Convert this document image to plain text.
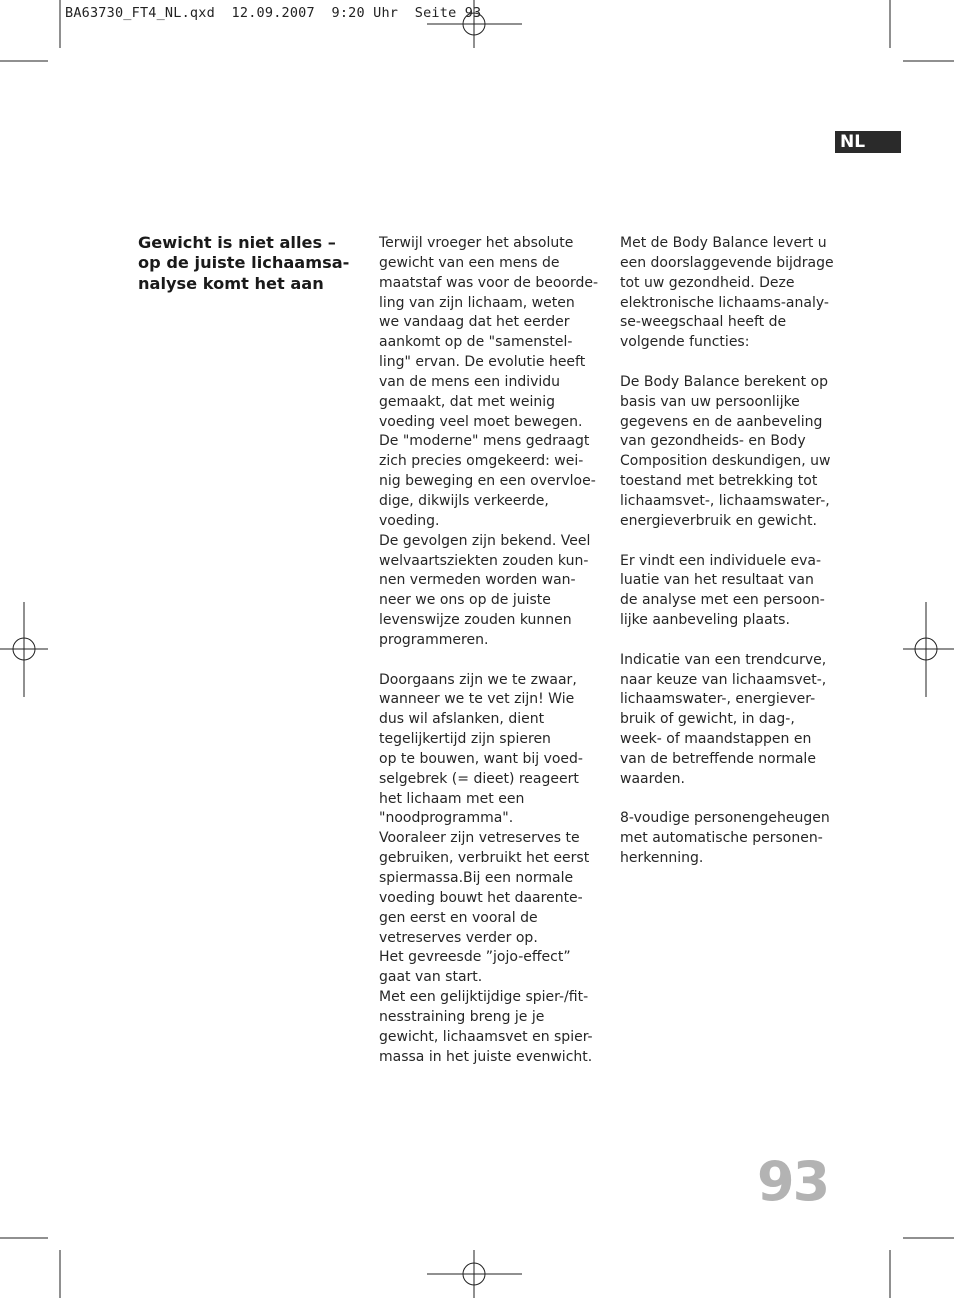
BA63730_FT4_NL.qxd  12.09.2007  9:20 Uhr  Seite 93
NL
Gewicht is niet alles –
op de juiste lichaamsa-
nalyse komt het aan
Terwijl vroeger het absolute
gewicht van een mens de
maatstaf was voor de beoorde-
ling van zijn lichaam, weten
we vandaag dat het eerder
aankomt op de "samenstel-
ling" ervan. De evolutie heeft
van de mens een individu
gemaakt, dat met weinig
voeding veel moet bewegen.
De "moderne" mens gedraagt
zich precies omgekeerd: wei-
nig beweging en een overvloe-
dige, dikwijls verkeerde,
voeding.
De gevolgen zijn bekend. Veel
welvaartsziekten zouden kun-
nen vermeden worden wan-
neer we ons op de juiste
levenswijze zouden kunnen
programmeren.
Doorgaans zijn we te zwaar,
wanneer we te vet zijn! Wie
dus wil afslanken, dient
tegelijkertijd zijn spieren
op te bouwen, want bij voed-
selgebrek (= dieet) reageert
het lichaam met een
"noodprogramma".
Vooraleer zijn vetreserves te
gebruiken, verbruikt het eerst
spiermassa.Bij een normale
voeding bouwt het daarente-
gen eerst en vooral de
vetreserves verder op.
Het gevreesde ”jojo-effect”
gaat van start.
Met een gelijktijdige spier-/fit-
nesstraining breng je je
gewicht, lichaamsvet en spier-
massa in het juiste evenwicht.
Met de Body Balance levert u
een doorslaggevende bijdrage
tot uw gezondheid. Deze
elektronische lichaams-analy-
se-weegschaal heeft de
volgende functies:
De Body Balance berekent op
basis van uw persoonlijke
gegevens en de aanbeveling
van gezondheids- en Body
Composition deskundigen, uw
toestand met betrekking tot
lichaamsvet-, lichaamswater-,
energieverbruik en gewicht.
Er vindt een individuele eva-
luatie van het resultaat van
de analyse met een persoon-
lijke aanbeveling plaats.
Indicatie van een trendcurve,
naar keuze van lichaamsvet-,
lichaamswater-, energiever-
bruik of gewicht, in dag-,
week- of maandstappen en
van de betreffende normale
waarden.
8-voudige personengeheugen
met automatische personen-
herkenning.
93
